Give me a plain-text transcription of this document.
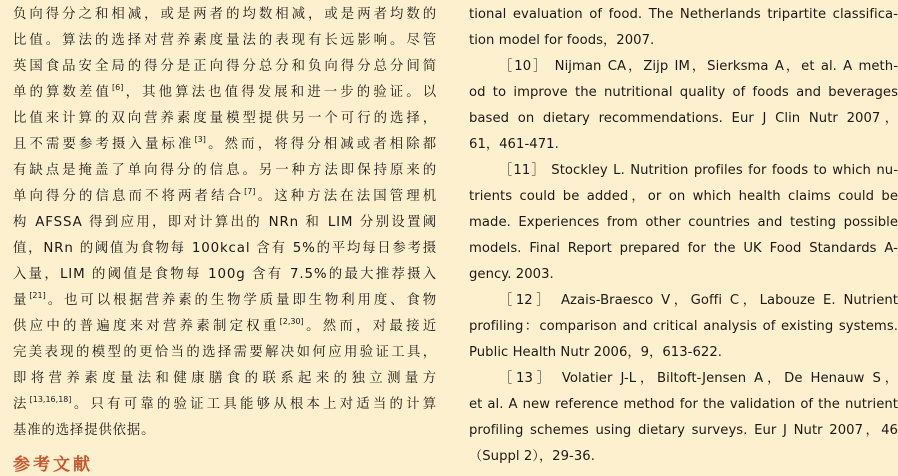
负向得分之和相减，或是两者的均数相减，或是两者均数的
比值。算法的选择对营养素度量法的表现有长远影响。尽管
英国食品安全局的得分是正向得分总分和负向得分总分间简
单的算数差值[6]，其他算法也值得发展和进一步的验证。以
比值来计算的双向营养素度量模型提供另一个可行的选择，
且不需要参考摄入量标准[3]。然而，将得分相减或者相除都
有缺点是掩盖了单向得分的信息。另一种方法即保持原来的
单向得分的信息而不将两者结合[7]。这种方法在法国管理机
构 AFSSA 得到应用，即对计算出的 NRn 和 LIM 分别设置阈
值，NRn 的阈值为食物每 100kcal 含有 5%的平均每日参考摄
入量，LIM 的阈值是食物每 100g 含有 7.5%的最大推荐摄入
量[21]。也可以根据营养素的生物学质量即生物利用度、食物
供应中的普遍度来对营养素制定权重[2,30]。然而，对最接近
完美表现的模型的更恰当的选择需要解决如何应用验证工具，
即将营养素度量法和健康膳食的联系起来的独立测量方
法[13,16,18]。只有可靠的验证工具能够从根本上对适当的计算
基准的选择提供依据。
tional evaluation of food. The Netherlands tripartite classifica-
tion model for foods，2007.
［10］ Nijman CA，Zijp IM，Sierksma A，et al. A meth-
od to improve the nutritional quality of foods and beverages
based on dietary recommendations. Eur J Clin Nutr 2007，
61，461-471.
［11］ Stockley L. Nutrition profiles for foods to which nu-
trients could be added，or on which health claims could be
made. Experiences from other countries and testing possible
models. Final Report prepared for the UK Food Standards A-
gency. 2003.
［12］ Azais-Braesco V，Goffi C，Labouze E. Nutrient
profiling：comparison and critical analysis of existing systems.
Public Health Nutr 2006，9，613-622.
［13］ Volatier J-L，Biltoft-Jensen A，De Henauw S，
et al. A new reference method for the validation of the nutrient
profiling schemes using dietary surveys. Eur J Nutr 2007，46
（Suppl 2），29-36.
参考文献
